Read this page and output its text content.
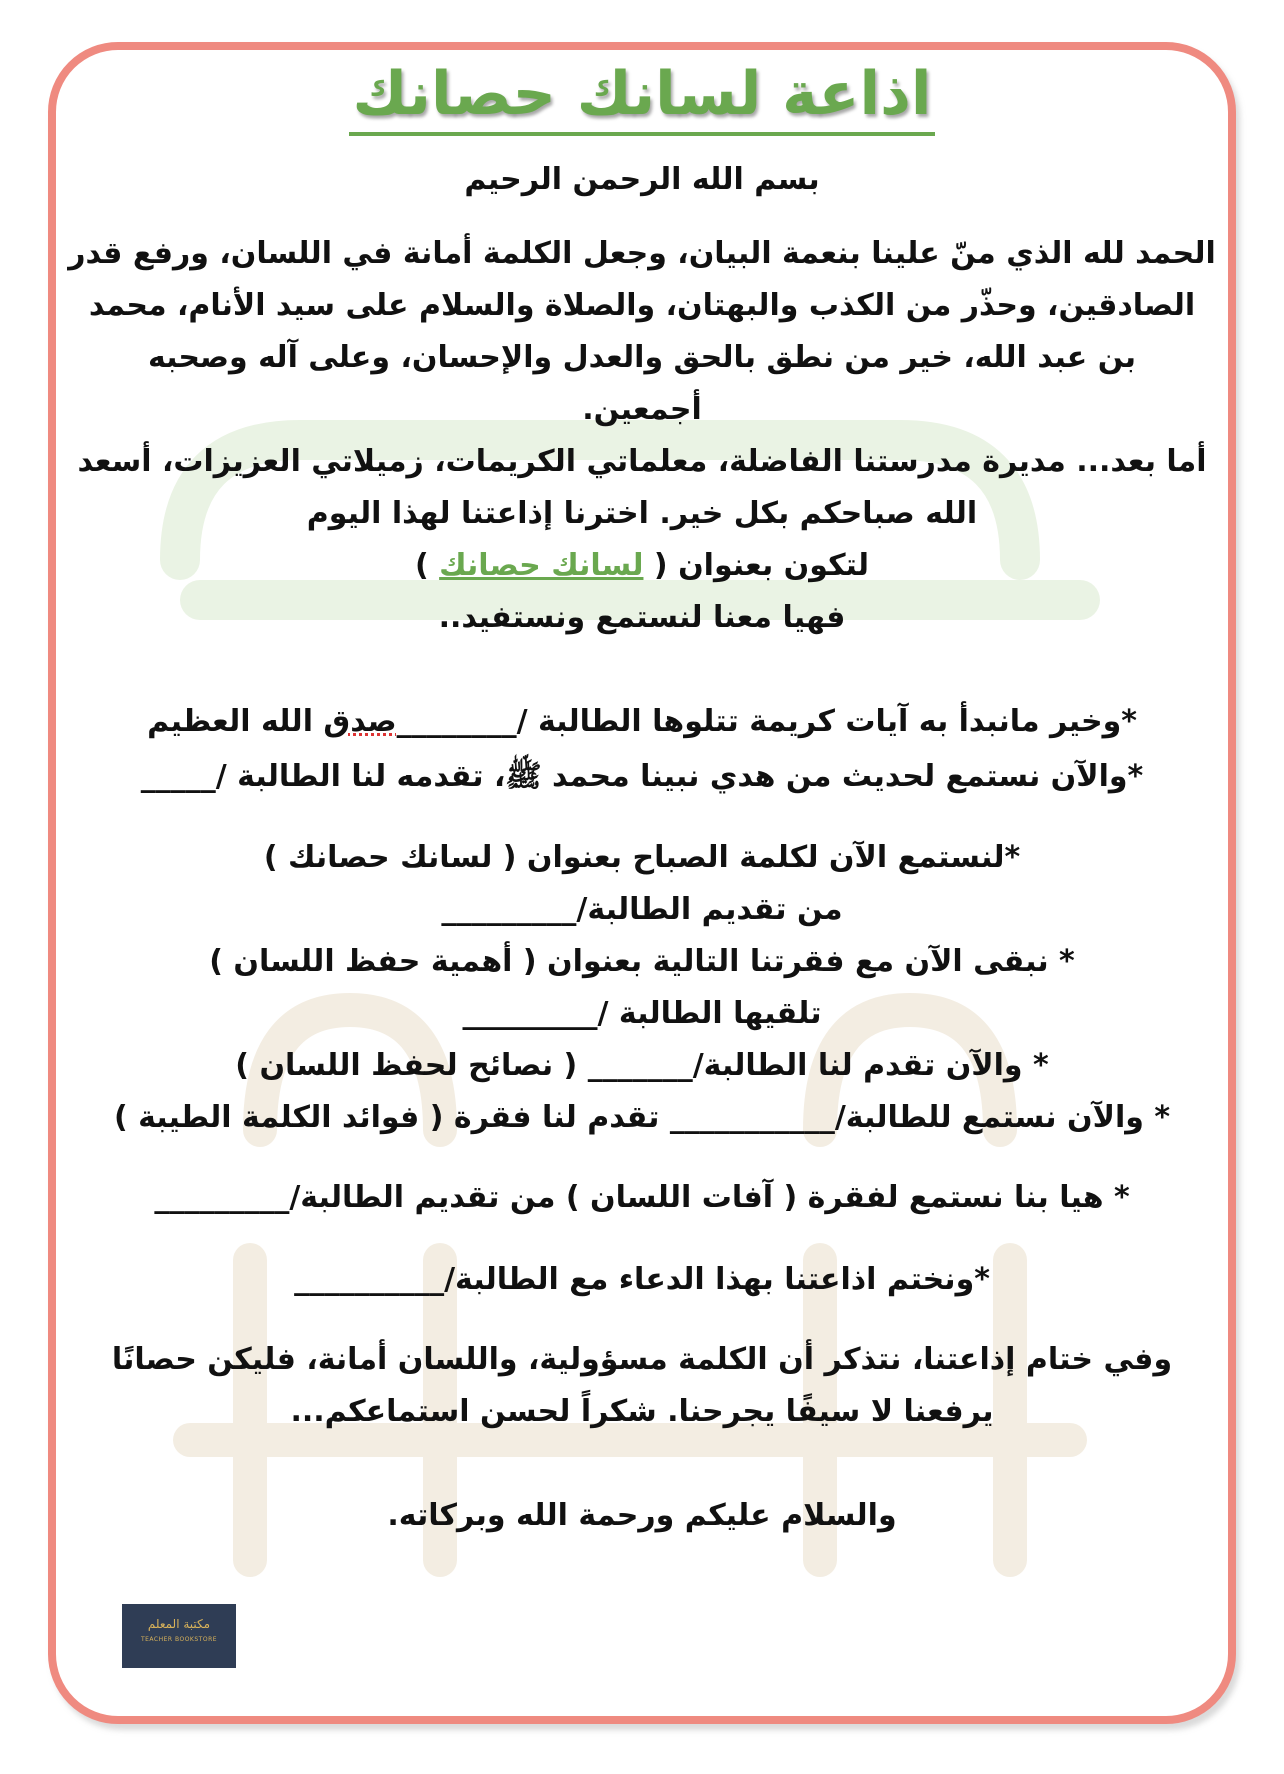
اذاعة لسانك حصانك
بسم الله الرحمن الرحيم
الحمد لله الذي منّ علينا بنعمة البيان، وجعل الكلمة أمانة في اللسان، ورفع قدر
الصادقين، وحذّر من الكذب والبهتان، والصلاة والسلام على سيد الأنام، محمد
بن عبد الله، خير من نطق بالحق والعدل والإحسان، وعلى آله وصحبه
أجمعين.
أما بعد... مديرة مدرستنا الفاضلة، معلماتي الكريمات، زميلاتي العزيزات، أسعد
الله صباحكم بكل خير. اخترنا إذاعتنا لهذا اليوم
لتكون بعنوان ( لسانك حصانك )
فهيا معنا لنستمع ونستفيد..
*وخير مانبدأ به آيات كريمة تتلوها الطالبة /________صدق الله العظيم
*والآن نستمع لحديث من هدي نبينا محمد ﷺ، تقدمه لنا الطالبة /_____
*لنستمع الآن لكلمة الصباح بعنوان ( لسانك حصانك )
من تقديم الطالبة/_________
* نبقى الآن مع فقرتنا التالية بعنوان ( أهمية حفظ اللسان )
تلقيها الطالبة /_________
* والآن تقدم لنا الطالبة/_______ ( نصائح لحفظ اللسان )
* والآن نستمع للطالبة/___________ تقدم لنا فقرة ( فوائد الكلمة الطيبة )
* هيا بنا نستمع لفقرة ( آفات اللسان ) من تقديم الطالبة/_________
*ونختم اذاعتنا بهذا الدعاء مع الطالبة/__________
وفي ختام إذاعتنا، نتذكر أن الكلمة مسؤولية، واللسان أمانة، فليكن حصانًا
يرفعنا لا سيفًا يجرحنا. شكراً لحسن استماعكم...
والسلام عليكم ورحمة الله وبركاته.
مكتبة المعلم
TEACHER BOOKSTORE
